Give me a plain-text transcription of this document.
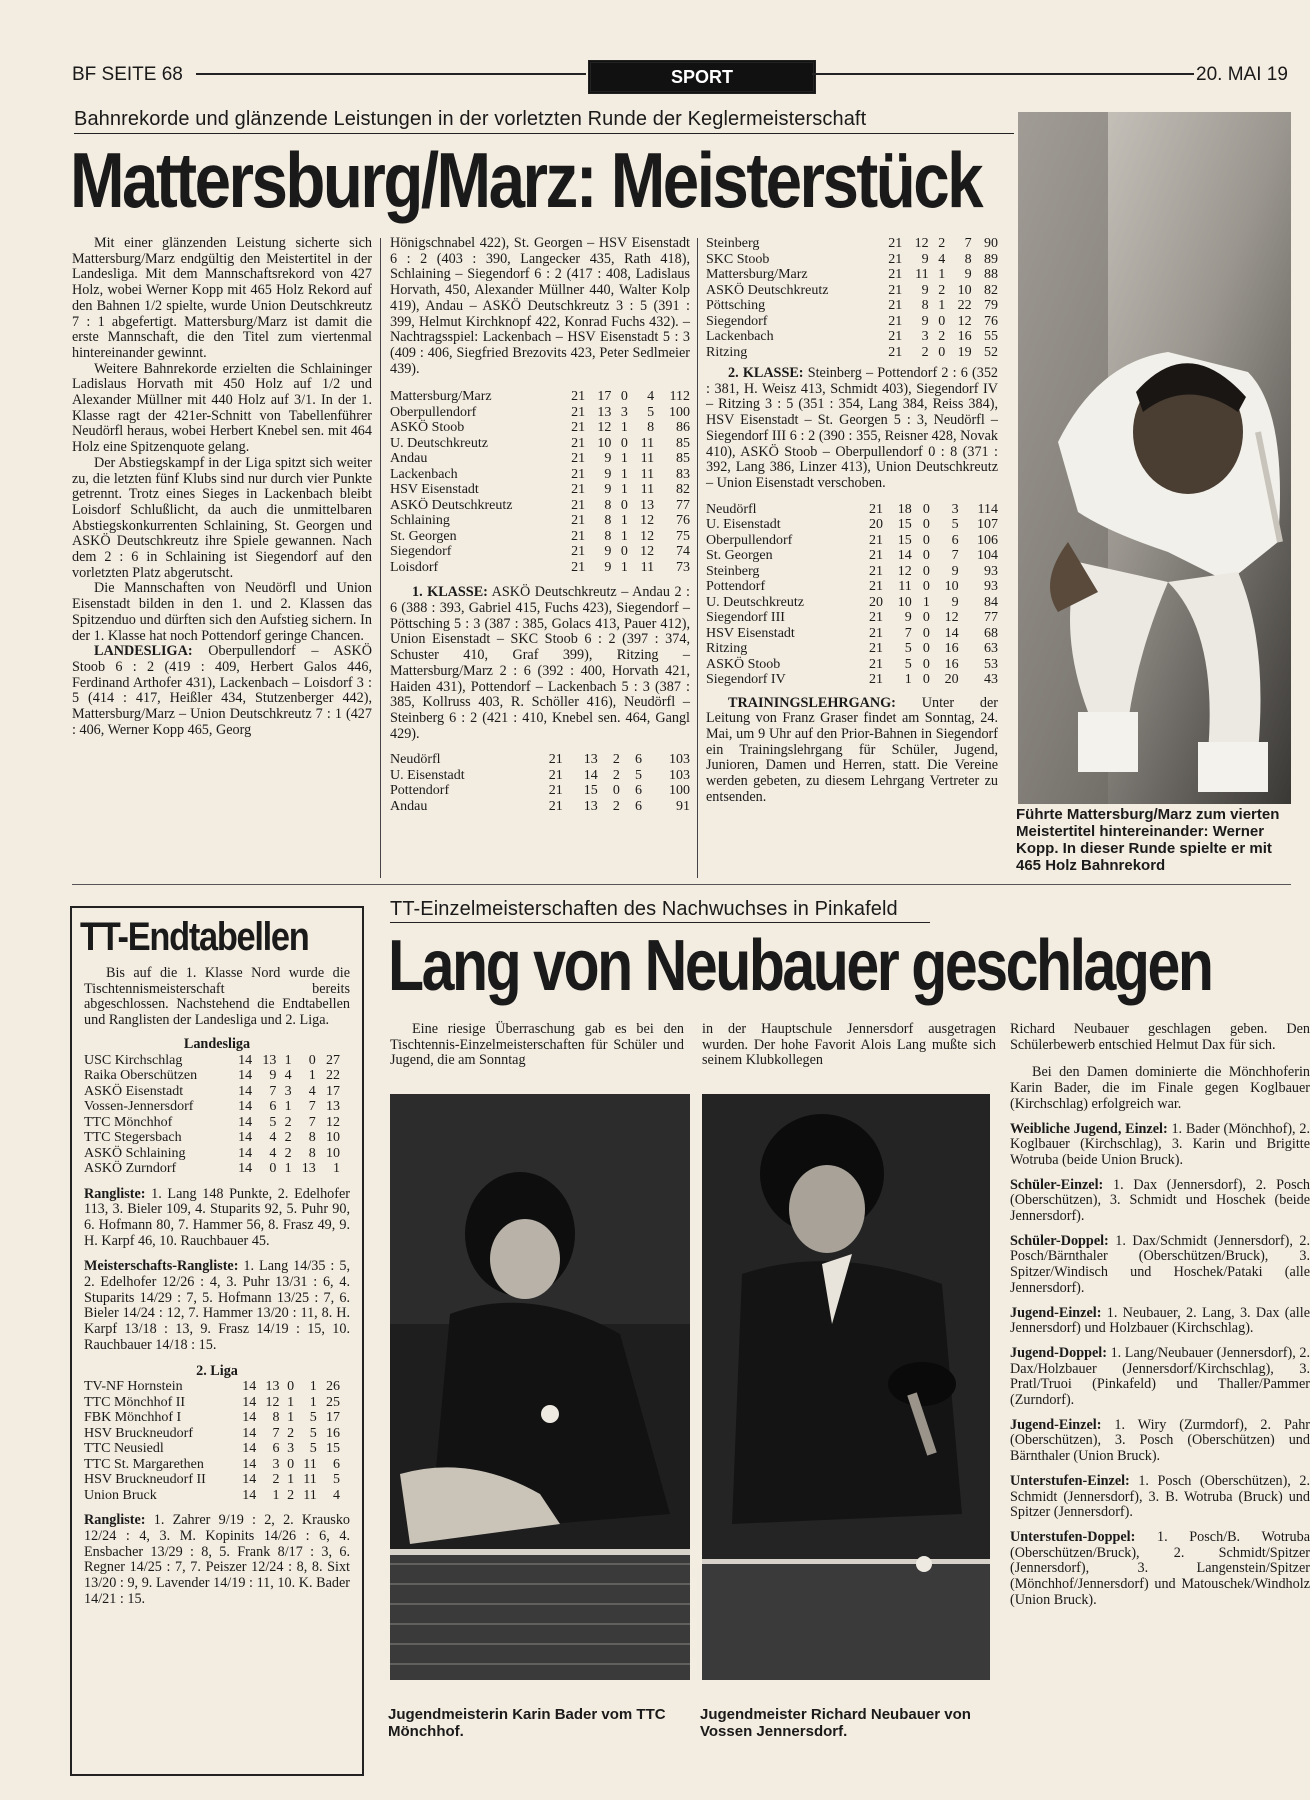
BF SEITE 68	SPORT	20. MAI 19
Bahnrekorde und glänzende Leistungen in der vorletzten Runde der Keglermeisterschaft
Mattersburg/Marz: Meisterstück

Mit einer glänzenden Leistung sicherte sich Mattersburg/Marz endgültig den Meistertitel in der Landesliga. Mit dem Mannschaftsrekord von 427 Holz, wobei Werner Kopp mit 465 Holz Rekord auf den Bahnen 1/2 spielte, wurde Union Deutschkreutz 7 : 1 abgefertigt. Mattersburg/Marz ist damit die erste Mannschaft, die den Titel zum viertenmal hintereinander gewinnt.

Weitere Bahnrekorde erzielten die Schlaininger Ladislaus Horvath mit 450 Holz auf 1/2 und Alexander Müllner mit 440 Holz auf 3/1. In der 1. Klasse ragt der 421er-Schnitt von Tabellenführer Neudörfl heraus, wobei Herbert Knebel sen. mit 464 Holz eine Spitzenquote gelang.

Der Abstiegskampf in der Liga spitzt sich weiter zu, die letzten fünf Klubs sind nur durch vier Punkte getrennt. Trotz eines Sieges in Lackenbach bleibt Loisdorf Schlußlicht, da auch die unmittelbaren Abstiegskonkurrenten Schlaining, St. Georgen und ASKÖ Deutschkreutz ihre Spiele gewannen. Nach dem 2 : 6 in Schlaining ist Siegendorf auf den vorletzten Platz abgerutscht.

Die Mannschaften von Neudörfl und Union Eisenstadt bilden in den 1. und 2. Klassen das Spitzenduo und dürften sich den Aufstieg sichern. In der 1. Klasse hat noch Pottendorf geringe Chancen.

LANDESLIGA: Oberpullendorf – ASKÖ Stoob 6 : 2 (419 : 409, Herbert Galos 446, Ferdinand Arthofer 431), Lackenbach – Loisdorf 3 : 5 (414 : 417, Heißler 434, Stutzenberger 442), Mattersburg/Marz – Union Deutschkreutz 7 : 1 (427 : 406, Werner Kopp 465, Georg

Hönigschnabel 422), St. Georgen – HSV Eisenstadt 6 : 2 (403 : 390, Langecker 435, Rath 418), Schlaining – Siegendorf 6 : 2 (417 : 408, Ladislaus Horvath, 450, Alexander Müllner 440, Walter Kolp 419), Andau – ASKÖ Deutschkreutz 3 : 5 (391 : 399, Helmut Kirchknopf 422, Konrad Fuchs 432). – Nachtragsspiel: Lackenbach – HSV Eisenstadt 5 : 3 (409 : 406, Siegfried Brezovits 423, Peter Sedlmeier 439).

Mattersburg/Marz	21	17	0	4	112
Oberpullendorf	21	13	3	5	100
ASKÖ Stoob	21	12	1	8	86
U. Deutschkreutz	21	10	0	11	85
Andau	21	9	1	11	85
Lackenbach	21	9	1	11	83
HSV Eisenstadt	21	9	1	11	82
ASKÖ Deutschkreutz	21	8	0	13	77
Schlaining	21	8	1	12	76
St. Georgen	21	8	1	12	75
Siegendorf	21	9	0	12	74
Loisdorf	21	9	1	11	73

1. KLASSE: ASKÖ Deutschkreutz – Andau 2 : 6 (388 : 393, Gabriel 415, Fuchs 423), Siegendorf – Pöttsching 5 : 3 (387 : 385, Golacs 413, Pauer 412), Union Eisenstadt – SKC Stoob 6 : 2 (397 : 374, Schuster 410, Graf 399), Ritzing – Mattersburg/Marz 2 : 6 (392 : 400, Horvath 421, Haiden 431), Pottendorf – Lackenbach 5 : 3 (387 : 385, Kollruss 403, R. Schöller 416), Neudörfl – Steinberg 6 : 2 (421 : 410, Knebel sen. 464, Gangl 429).

Neudörfl	21	13	2	6	103
U. Eisenstadt	21	14	2	5	103
Pottendorf	21	15	0	6	100
Andau	21	13	2	6	91
Steinberg	21	12	2	7	90
SKC Stoob	21	9	4	8	89
Mattersburg/Marz	21	11	1	9	88
ASKÖ Deutschkreutz	21	9	2	10	82
Pöttsching	21	8	1	22	79
Siegendorf	21	9	0	12	76
Lackenbach	21	3	2	16	55
Ritzing	21	2	0	19	52

2. KLASSE: Steinberg – Pottendorf 2 : 6 (352 : 381, H. Weisz 413, Schmidt 403), Siegendorf IV – Ritzing 3 : 5 (351 : 354, Lang 384, Reiss 384), HSV Eisenstadt – St. Georgen 5 : 3, Neudörfl – Siegendorf III 6 : 2 (390 : 355, Reisner 428, Novak 410), ASKÖ Stoob – Oberpullendorf 0 : 8 (371 : 392, Lang 386, Linzer 413), Union Deutschkreutz – Union Eisenstadt verschoben.

Neudörfl	21	18	0	3	114
U. Eisenstadt	20	15	0	5	107
Oberpullendorf	21	15	0	6	106
St. Georgen	21	14	0	7	104
Steinberg	21	12	0	9	93
Pottendorf	21	11	0	10	93
U. Deutschkreutz	20	10	1	9	84
Siegendorf III	21	9	0	12	77
HSV Eisenstadt	21	7	0	14	68
Ritzing	21	5	0	16	63
ASKÖ Stoob	21	5	0	16	53
Siegendorf IV	21	1	0	20	43

TRAININGSLEHRGANG: Unter der Leitung von Franz Graser findet am Sonntag, 24. Mai, um 9 Uhr auf den Prior-Bahnen in Siegendorf ein Trainingslehrgang für Schüler, Jugend, Junioren, Damen und Herren, statt. Die Vereine werden gebeten, zu diesem Lehrgang Vertreter zu entsenden.

Führte Mattersburg/Marz zum vierten Meistertitel hintereinander: Werner Kopp. In dieser Runde spielte er mit 465 Holz Bahnrekord
TT-Endtabellen

Bis auf die 1. Klasse Nord wurde die Tischtennismeisterschaft bereits abgeschlossen. Nachstehend die Endtabellen und Ranglisten der Landesliga und 2. Liga.

Landesliga
USC Kirchschlag	14	13	1	0	27
Raika Oberschützen	14	9	4	1	22
ASKÖ Eisenstadt	14	7	3	4	17
Vossen-Jennersdorf	14	6	1	7	13
TTC Mönchhof	14	5	2	7	12
TTC Stegersbach	14	4	2	8	10
ASKÖ Schlaining	14	4	2	8	10
ASKÖ Zurndorf	14	0	1	13	1

Rangliste: 1. Lang 148 Punkte, 2. Edelhofer 113, 3. Bieler 109, 4. Stuparits 92, 5. Puhr 90, 6. Hofmann 80, 7. Hammer 56, 8. Frasz 49, 9. H. Karpf 46, 10. Rauchbauer 45.

Meisterschafts-Rangliste: 1. Lang 14/35 : 5, 2. Edelhofer 12/26 : 4, 3. Puhr 13/31 : 6, 4. Stuparits 14/29 : 7, 5. Hofmann 13/25 : 7, 6. Bieler 14/24 : 12, 7. Hammer 13/20 : 11, 8. H. Karpf 13/18 : 13, 9. Frasz 14/19 : 15, 10. Rauchbauer 14/18 : 15.

2. Liga
TV-NF Hornstein	14	13	0	1	26
TTC Mönchhof II	14	12	1	1	25
FBK Mönchhof I	14	8	1	5	17
HSV Bruckneudorf	14	7	2	5	16
TTC Neusiedl	14	6	3	5	15
TTC St. Margarethen	14	3	0	11	6
HSV Bruckneudorf II	14	2	1	11	5
Union Bruck	14	1	2	11	4

Rangliste: 1. Zahrer 9/19 : 2, 2. Krausko 12/24 : 4, 3. M. Kopinits 14/26 : 6, 4. Ensbacher 13/29 : 8, 5. Frank 8/17 : 3, 6. Regner 14/25 : 7, 7. Peiszer 12/24 : 8, 8. Sixt 13/20 : 9, 9. Lavender 14/19 : 11, 10. K. Bader 14/21 : 15.

TT-Einzelmeisterschaften des Nachwuchses in Pinkafeld
Lang von Neubauer geschlagen

Eine riesige Überraschung gab es bei den Tischtennis-Einzelmeisterschaften für Schüler und Jugend, die am Sonntag

in der Hauptschule Jennersdorf ausgetragen wurden. Der hohe Favorit Alois Lang mußte sich seinem Klubkollegen

Jugendmeisterin Karin Bader vom TTC Mönchhof.
Jugendmeister Richard Neubauer von Vossen Jennersdorf.

Richard Neubauer geschlagen geben. Den Schülerbewerb entschied Helmut Dax für sich.

Bei den Damen dominierte die Mönchhoferin Karin Bader, die im Finale gegen Koglbauer (Kirchschlag) erfolgreich war.

Weibliche Jugend, Einzel: 1. Bader (Mönchhof), 2. Koglbauer (Kirchschlag), 3. Karin und Brigitte Wotruba (beide Union Bruck).

Schüler-Einzel: 1. Dax (Jennersdorf), 2. Posch (Oberschützen), 3. Schmidt und Hoschek (beide Jennersdorf).

Schüler-Doppel: 1. Dax/Schmidt (Jennersdorf), 2. Posch/Bärnthaler (Oberschützen/Bruck), 3. Spitzer/Windisch und Hoschek/Pataki (alle Jennersdorf).

Jugend-Einzel: 1. Neubauer, 2. Lang, 3. Dax (alle Jennersdorf) und Holzbauer (Kirchschlag).

Jugend-Doppel: 1. Lang/Neubauer (Jennersdorf), 2. Dax/Holzbauer (Jennersdorf/Kirchschlag), 3. Pratl/Truoi (Pinkafeld) und Thaller/Pammer (Zurndorf).

Jugend-Einzel: 1. Wiry (Zurmdorf), 2. Pahr (Oberschützen), 3. Posch (Oberschützen) und Bärnthaler (Union Bruck).

Unterstufen-Einzel: 1. Posch (Oberschützen), 2. Schmidt (Jennersdorf), 3. B. Wotruba (Bruck) und Spitzer (Jennersdorf).

Unterstufen-Doppel: 1. Posch/B. Wotruba (Oberschützen/Bruck), 2. Schmidt/Spitzer (Jennersdorf), 3. Langenstein/Spitzer (Mönchhof/Jennersdorf) und Matouschek/Windholz (Union Bruck).
